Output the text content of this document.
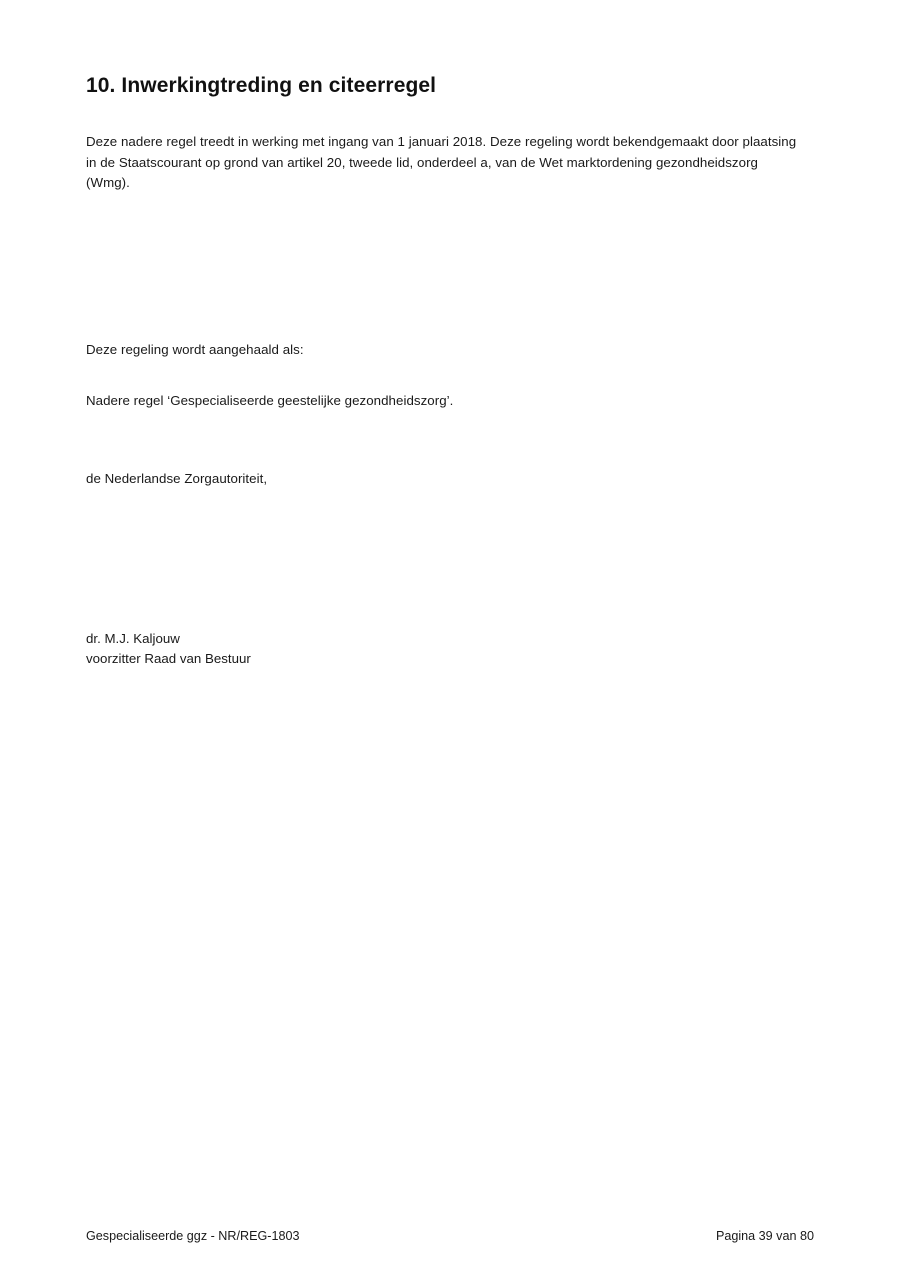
10. Inwerkingtreding en citeerregel

Deze nadere regel treedt in werking met ingang van 1 januari 2018. Deze regeling wordt bekendgemaakt door plaatsing in de Staatscourant op grond van artikel 20, tweede lid, onderdeel a, van de Wet marktordening gezondheidszorg (Wmg).

Deze regeling wordt aangehaald als:

Nadere regel ‘Gespecialiseerde geestelijke gezondheidszorg’.

de Nederlandse Zorgautoriteit,

dr. M.J. Kaljouw

voorzitter Raad van Bestuur

Gespecialiseerde ggz - NR/REG-1803	Pagina 39 van 80
